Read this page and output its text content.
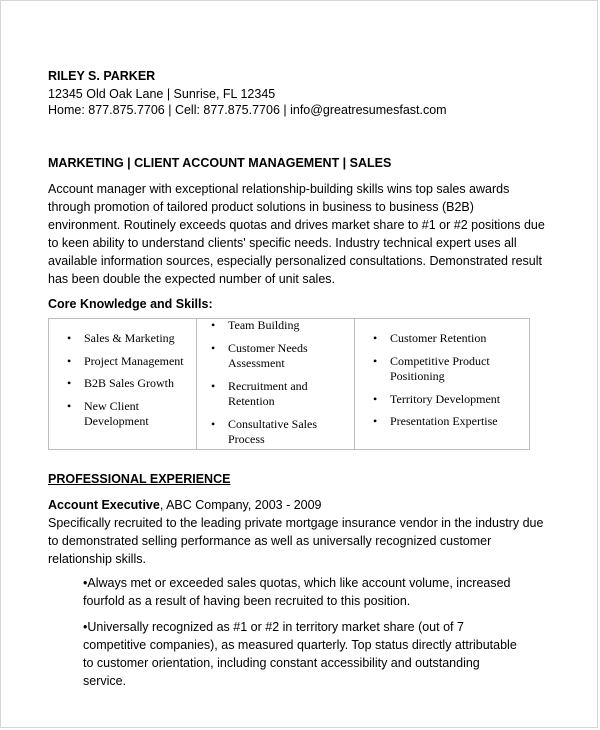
RILEY S. PARKER
12345 Old Oak Lane | Sunrise, FL 12345
Home: 877.875.7706 | Cell: 877.875.7706 | info@greatresumesfast.com
MARKETING | CLIENT ACCOUNT MANAGEMENT | SALES
Account manager with exceptional relationship-building skills wins top sales awards through promotion of tailored product solutions in business to business (B2B) environment. Routinely exceeds quotas and drives market share to #1 or #2 positions due to keen ability to understand clients' specific needs. Industry technical expert uses all available information sources, especially personalized consultations. Demonstrated result has been double the expected number of unit sales.
Core Knowledge and Skills:
• Sales & Marketing
• Project Management
• B2B Sales Growth
• New Client Development
• Team Building
• Customer Needs Assessment
• Recruitment and Retention
• Consultative Sales Process
• Customer Retention
• Competitive Product Positioning
• Territory Development
• Presentation Expertise
PROFESSIONAL EXPERIENCE
Account Executive, ABC Company, 2003 - 2009
Specifically recruited to the leading private mortgage insurance vendor in the industry due to demonstrated selling performance as well as universally recognized customer relationship skills.

•Always met or exceeded sales quotas, which like account volume, increased fourfold as a result of having been recruited to this position.

•Universally recognized as #1 or #2 in territory market share (out of 7 competitive companies), as measured quarterly. Top status directly attributable to customer orientation, including constant accessibility and outstanding service.
